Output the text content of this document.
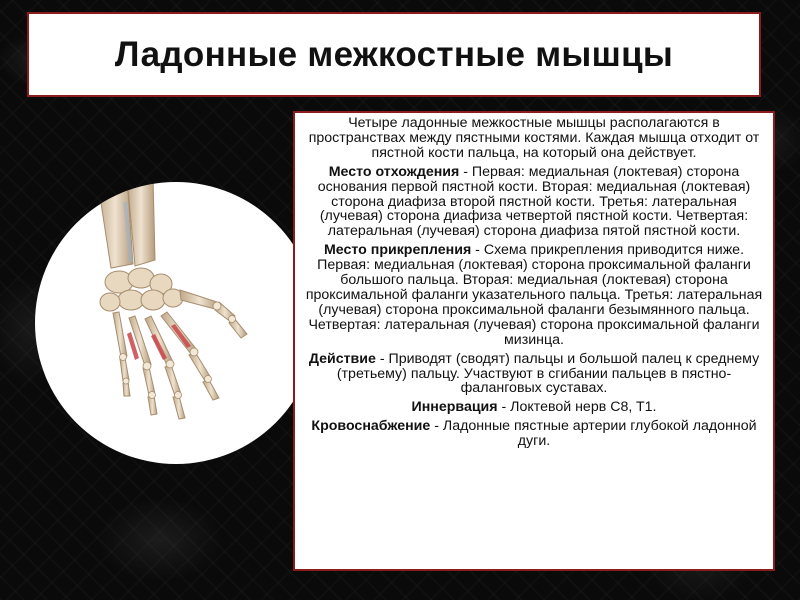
Ладонные межкостные мышцы

Четыре ладонные межкостные мышцы располагаются в пространствах между пястными костями. Каждая мышца отходит от пястной кости пальца, на который она действует.

Место отхождения - Первая: медиальная (локтевая) сторона основания первой пястной кости. Вторая: медиальная (локтевая) сторона диафиза второй пястной кости. Третья: латеральная (лучевая) сторона диафиза четвертой пястной кости. Четвертая: латеральная (лучевая) сторона диафиза пятой пястной кости.

Место прикрепления - Схема прикрепления приводится ниже. Первая: медиальная (локтевая) сторона проксимальной фаланги большого пальца. Вторая: медиальная (локтевая) сторона проксимальной фаланги указательного пальца. Третья: латеральная (лучевая) сторона проксимальной фаланги безымянного пальца. Четвертая: латеральная (лучевая) сторона проксимальной фаланги мизинца.

Действие - Приводят (сводят) пальцы и большой палец к среднему (третьему) пальцу. Участвуют в сгибании пальцев в пястно-фаланговых суставах.

Иннервация - Локтевой нерв C8, T1.

Кровоснабжение - Ладонные пястные артерии глубокой ладонной дуги.
